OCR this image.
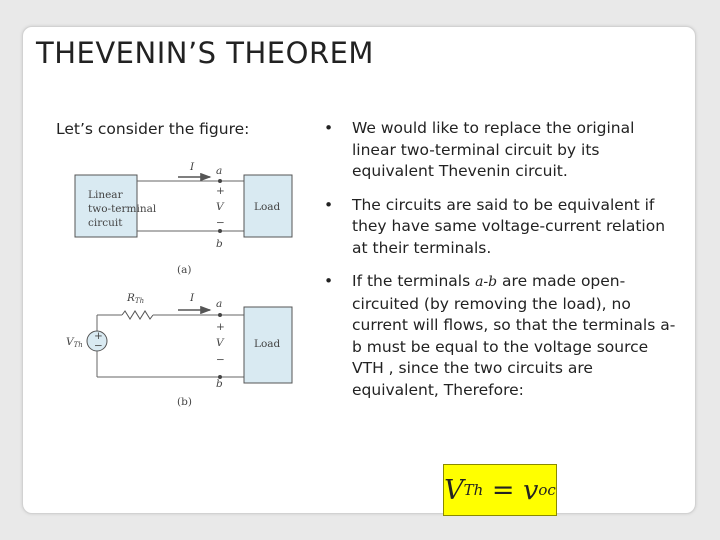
THEVENIN’S THEOREM
Let’s consider the figure:
Linear
two-terminal
circuit
I a
+
V
−
b
Load
(a)
RTh
+
−
VTh
I a
+
V
−
b
Load
(b)
• We would like to replace the original linear two-terminal circuit by its equivalent Thevenin circuit.
• The circuits are said to be equivalent if they have same voltage-current relation at their terminals.
• If the terminals a-b are made open-circuited (by removing the load), no current will flows, so that the terminals a-b must be equal to the voltage source VTH , since the two circuits are equivalent, Therefore:
V Th = v oc
